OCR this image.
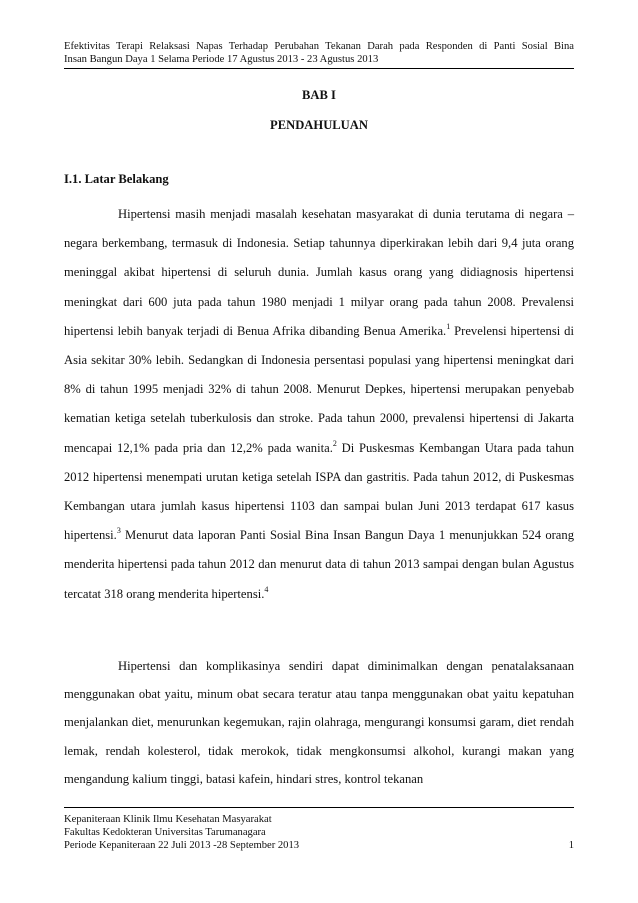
Efektivitas Terapi Relaksasi Napas Terhadap Perubahan Tekanan Darah pada Responden di Panti Sosial Bina
Insan Bangun Daya 1 Selama Periode 17 Agustus 2013 - 23 Agustus 2013
BAB I
PENDAHULUAN
I.1. Latar Belakang

Hipertensi masih menjadi masalah kesehatan masyarakat di dunia terutama di negara – negara berkembang, termasuk di Indonesia. Setiap tahunnya diperkirakan lebih dari 9,4 juta orang meninggal akibat hipertensi di seluruh dunia. Jumlah kasus orang yang didiagnosis hipertensi meningkat dari 600 juta pada tahun 1980 menjadi 1 milyar orang pada tahun 2008. Prevalensi hipertensi lebih banyak terjadi di Benua Afrika dibanding Benua Amerika.$^1$ Prevelensi hipertensi di Asia sekitar 30% lebih. Sedangkan di Indonesia persentasi populasi yang hipertensi meningkat dari 8% di tahun 1995 menjadi 32% di tahun 2008. Menurut Depkes, hipertensi merupakan penyebab kematian ketiga setelah tuberkulosis dan stroke. Pada tahun 2000, prevalensi hipertensi di Jakarta mencapai 12,1% pada pria dan 12,2% pada wanita.$^2$ Di Puskesmas Kembangan Utara pada tahun 2012 hipertensi menempati urutan ketiga setelah ISPA dan gastritis. Pada tahun 2012, di Puskesmas Kembangan utara jumlah kasus hipertensi 1103 dan sampai bulan Juni 2013 terdapat 617 kasus hipertensi.$^3$ Menurut data laporan Panti Sosial Bina Insan Bangun Daya 1 menunjukkan 524 orang menderita hipertensi pada tahun 2012 dan menurut data di tahun 2013 sampai dengan bulan Agustus tercatat 318 orang menderita hipertensi.$^4$

Hipertensi dan komplikasinya sendiri dapat diminimalkan dengan penatalaksanaan menggunakan obat yaitu, minum obat secara teratur atau tanpa menggunakan obat yaitu kepatuhan menjalankan diet, menurunkan kegemukan, rajin olahraga, mengurangi konsumsi garam, diet rendah lemak, rendah kolesterol, tidak merokok, tidak mengkonsumsi alkohol, kurangi makan yang mengandung kalium tinggi, batasi kafein, hindari stres, kontrol tekanan

Kepaniteraan Klinik Ilmu Kesehatan Masyarakat
Fakultas Kedokteran Universitas Tarumanagara
Periode Kepaniteraan 22 Juli 2013 -28 September 2013	1
